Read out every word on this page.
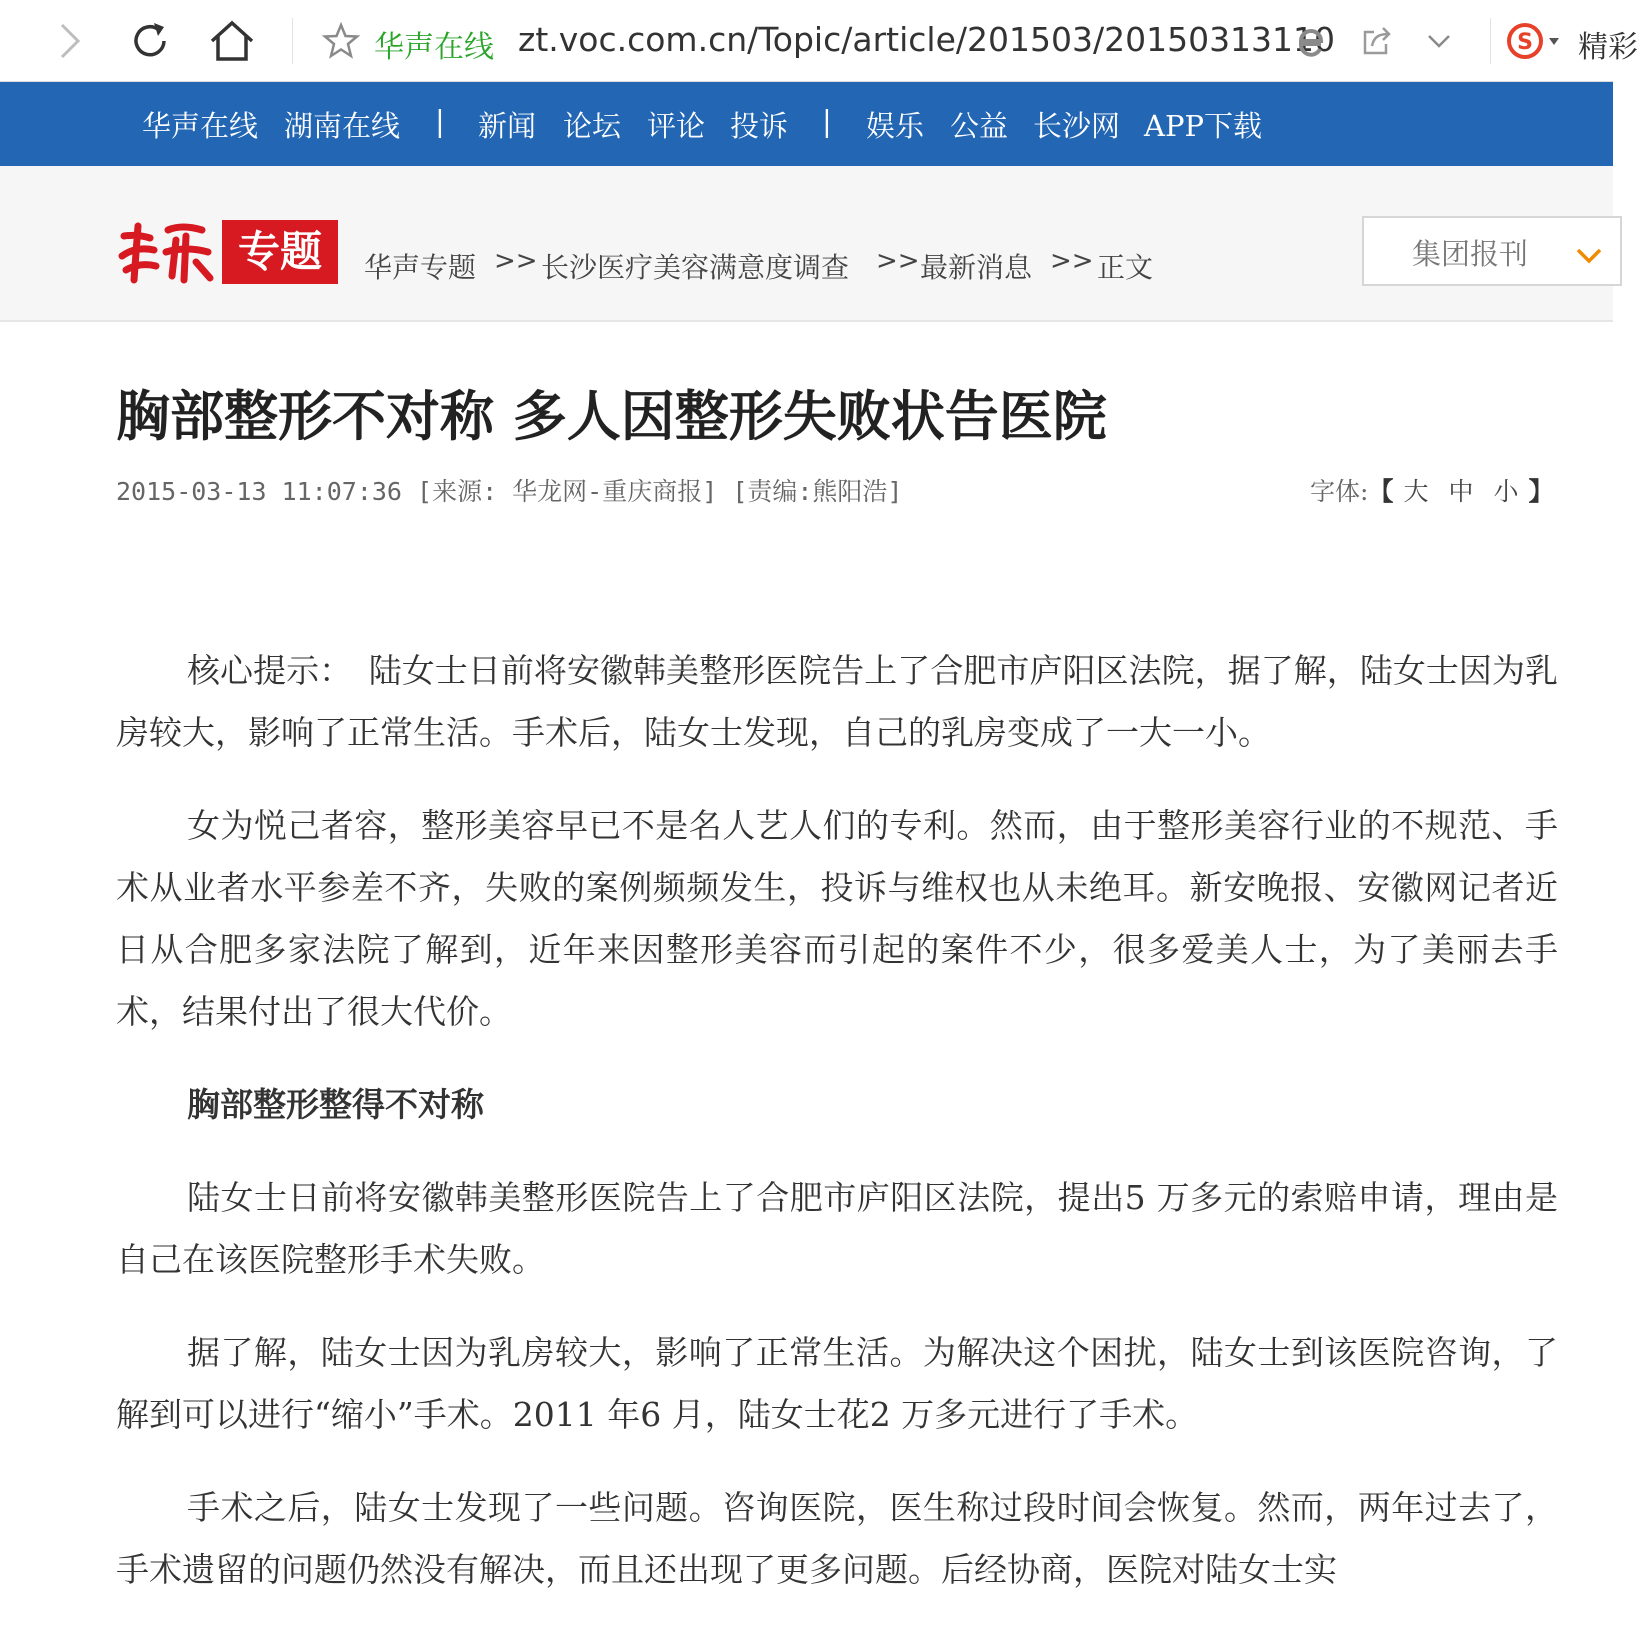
华声在线 zt.voc.com.cn/Topic/article/201503/20150313110	S 精彩
华声在线 湖南在线 | 新闻 论坛 评论 投诉 | 娱乐 公益 长沙网 APP下载
专题	华声专题 >> 长沙医疗美容满意度调查 >> 最新消息 >> 正文	集团报刊
胸部整形不对称 多人因整形失败状告医院
2015-03-13 11:07:36 [来源: 华龙网-重庆商报] [责编:熊阳浩]	字体:【 大 中 小 】

核心提示：　陆女士日前将安徽韩美整形医院告上了合肥市庐阳区法院，据了解，陆女士因为乳房较大，影响了正常生活。手术后，陆女士发现，自己的乳房变成了一大一小。

女为悦己者容，整形美容早已不是名人艺人们的专利。然而，由于整形美容行业的不规范、手术从业者水平参差不齐，失败的案例频频发生，投诉与维权也从未绝耳。新安晚报、安徽网记者近日从合肥多家法院了解到，近年来因整形美容而引起的案件不少，很多爱美人士，为了美丽去手术，结果付出了很大代价。

胸部整形整得不对称

陆女士日前将安徽韩美整形医院告上了合肥市庐阳区法院，提出5 万多元的索赔申请，理由是自己在该医院整形手术失败。

据了解，陆女士因为乳房较大，影响了正常生活。为解决这个困扰，陆女士到该医院咨询，了解到可以进行“缩小”手术。2011 年6 月，陆女士花2 万多元进行了手术。

手术之后，陆女士发现了一些问题。咨询医院，医生称过段时间会恢复。然而，两年过去了，手术遗留的问题仍然没有解决，而且还出现了更多问题。后经协商，医院对陆女士实
